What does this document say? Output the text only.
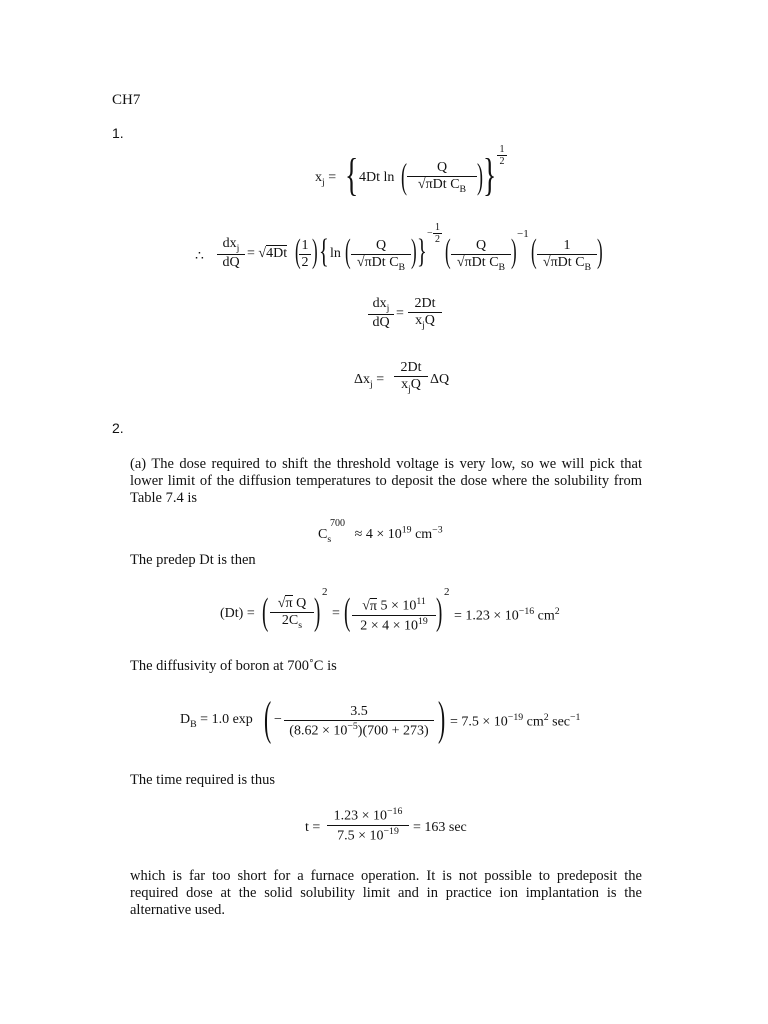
CH7
1.
$x_j$ = { 4Dt ln (	Q
√πDt $C_B$ ) } $\frac{1}{2}$
∴
$dx_j$
dQ
= √4Dt (
$\frac{1}{2}$ ) { ln (	Q
√πDt $C_B$ ) } − $\frac{1}{2}$ (	Q
√πDt $C_B$ ) −1 (	1
√πDt $C_B$ )
$dx_j$
dQ
=
2Dt
$x_jQ$
$\Delta x_j$ =
2Dt
$x_jQ$ ΔQ
2.
(a) The dose required to shift the threshold voltage is very low, so we will pick that lower limit of the diffusion temperatures to deposit the dose where the solubility from Table 7.4 is
$C_s$
700
≈ $4 \times 10^{19}$ $cm^{-3}$
The predep Dt is then
(Dt) = ( $\frac{\text{√π Q}}{2C_s}$ ) 2
= ( $\frac{√\pi 5 \times 10^{11}}{2 \times 4 \times 10^{19}}$ ) 2
= $1.23 \times 10^{-16}$ $cm^2$
The diffusivity of boron at 700˚C is
$D_B = 1.0$ exp ( − $\frac{3.5}{(8.62 \times 10^{-5})(700 + 273)}$ ) = $7.5 \times 10^{-19}$ $cm^2$ $\sec^{-1}$
The time required is thus
$t = \frac{1.23 \times 10^{-16}}{7.5 \times 10^{-19}} = 163$ sec
which is far too short for a furnace operation. It is not possible to predeposit the required dose at the solid solubility limit and in practice ion implantation is the alternative used.
